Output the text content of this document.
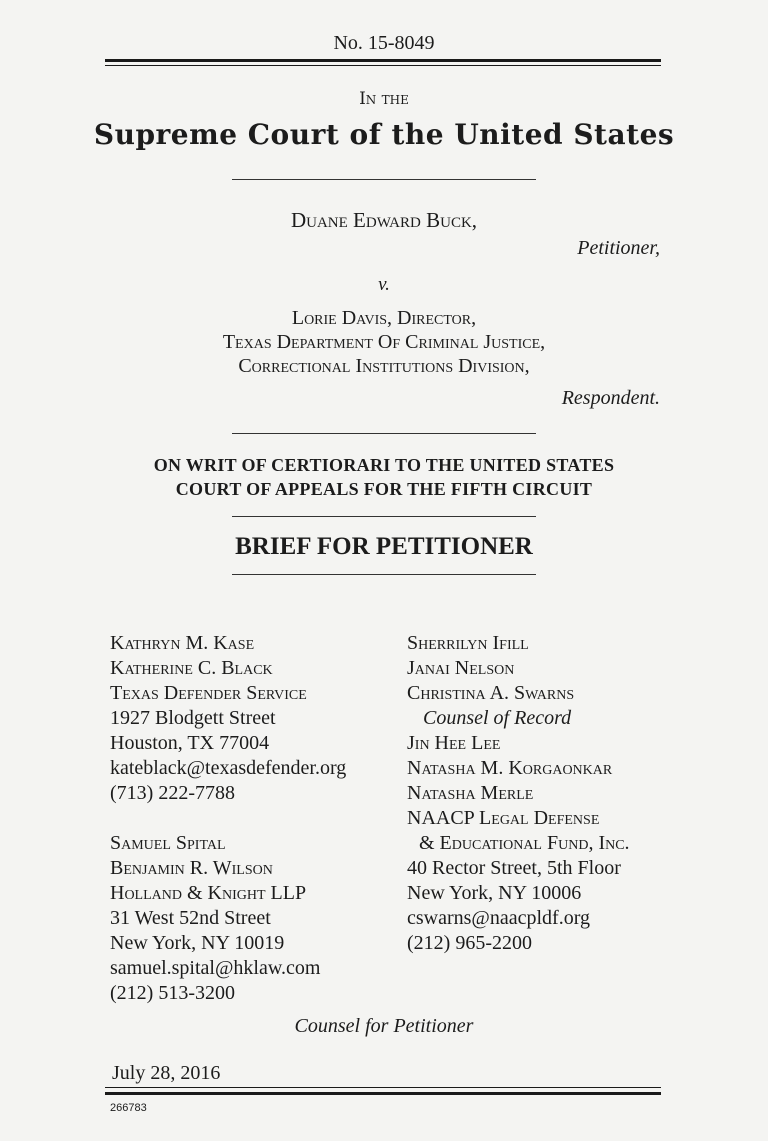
No. 15-8049
In the
Supreme Court of the United States
Duane Edward Buck,
Petitioner,
v.
Lorie Davis, Director,
Texas Department Of Criminal Justice,
Correctional Institutions Division,
Respondent.
ON WRIT OF CERTIORARI TO THE UNITED STATES
COURT OF APPEALS FOR THE FIFTH CIRCUIT
BRIEF FOR PETITIONER
Kathryn M. Kase
Katherine C. Black
Texas Defender Service
1927 Blodgett Street
Houston, TX 77004
kateblack@texasdefender.org
(713) 222-7788
Samuel Spital
Benjamin R. Wilson
Holland & Knight LLP
31 West 52nd Street
New York, NY 10019
samuel.spital@hklaw.com
(212) 513-3200
Sherrilyn Ifill
Janai Nelson
Christina A. Swarns
Counsel of Record
Jin Hee Lee
Natasha M. Korgaonkar
Natasha Merle
NAACP Legal Defense
& Educational Fund, Inc.
40 Rector Street, 5th Floor
New York, NY 10006
cswarns@naacpldf.org
(212) 965-2200
Counsel for Petitioner
July 28, 2016
266783
